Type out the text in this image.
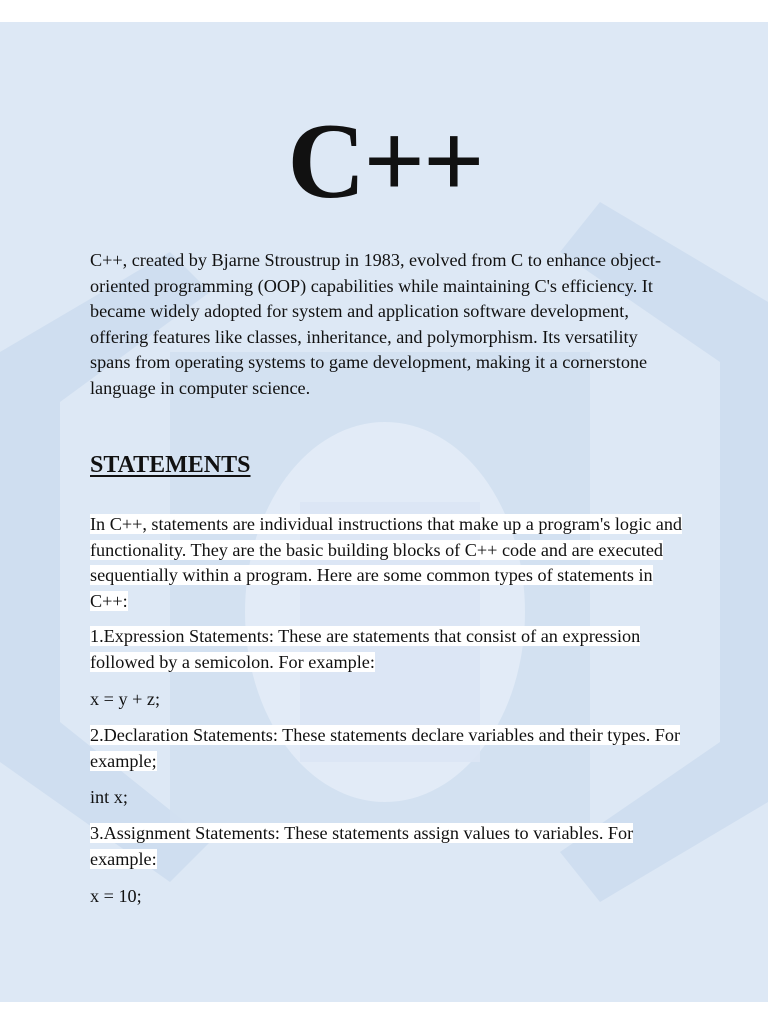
C++

C++, created by Bjarne Stroustrup in 1983, evolved from C to enhance object-oriented programming (OOP) capabilities while maintaining C's efficiency. It became widely adopted for system and application software development, offering features like classes, inheritance, and polymorphism. Its versatility spans from operating systems to game development, making it a cornerstone language in computer science.

STATEMENTS

In C++, statements are individual instructions that make up a program's logic and functionality. They are the basic building blocks of C++ code and are executed sequentially within a program. Here are some common types of statements in C++:

1.Expression Statements: These are statements that consist of an expression followed by a semicolon. For example:

x = y + z;

2.Declaration Statements: These statements declare variables and their types. For example;

int x;

3.Assignment Statements: These statements assign values to variables. For example:

x = 10;
